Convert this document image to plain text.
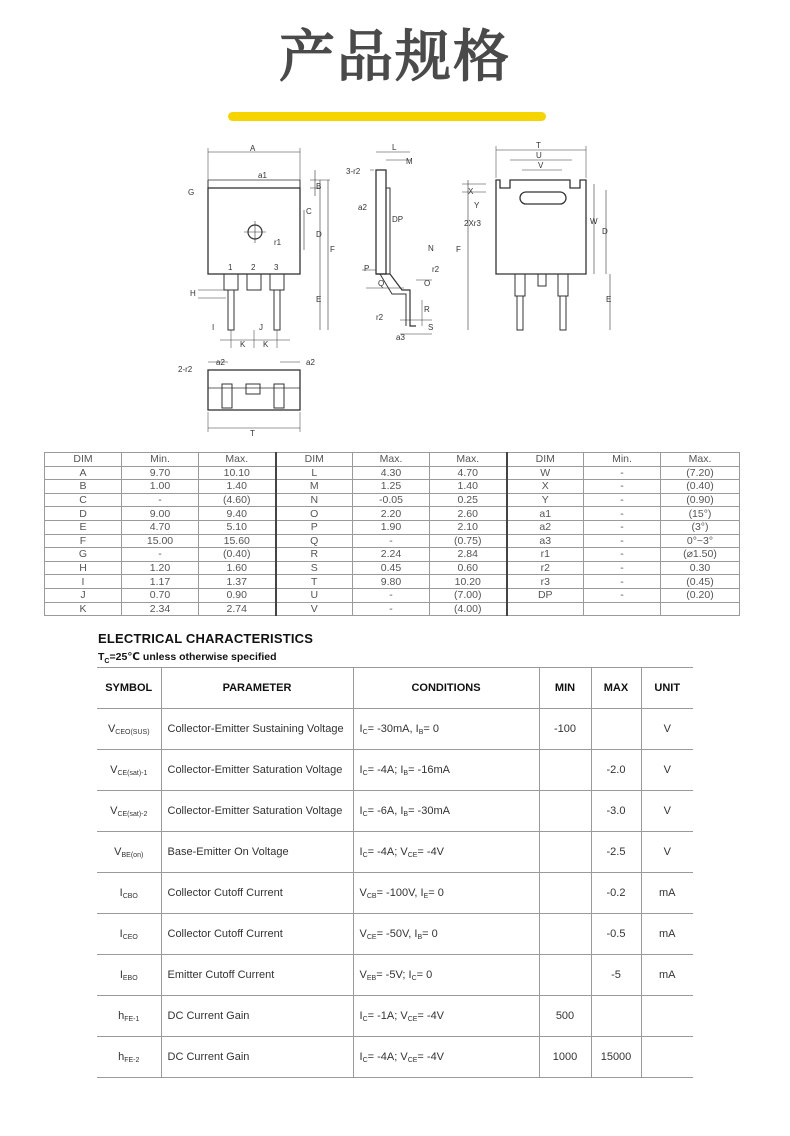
产品规格
A
a1
G
B
C
D
F
r1
E
H
I	J
K K
1 2 3
L
M
3-r2
a2
DP
N
P
Q	O
r2
r2
R
S
a3
T
U
V
X
Y
2Xr3	W
F
D
E
2-r2
a2	a2
T
DIM	Min.	Max.	DIM	Max.	Max.	DIM	Min.	Max.
A	9.70	10.10	L	4.30	4.70	W	-	(7.20)
B	1.00	1.40	M	1.25	1.40	X	-	(0.40)
C	-	(4.60)	N	-0.05	0.25	Y	-	(0.90)
D	9.00	9.40	O	2.20	2.60	a1	-	(15°)
E	4.70	5.10	P	1.90	2.10	a2	-	(3°)
F	15.00	15.60	Q	-	(0.75)	a3	-	0°~3°
G	-	(0.40)	R	2.24	2.84	r1	-	(⌀1.50)
H	1.20	1.60	S	0.45	0.60	r2	-	0.30
I	1.17	1.37	T	9.80	10.20	r3	-	(0.45)
J	0.70	0.90	U	-	(7.00)	DP	-	(0.20)
K	2.34	2.74	V	-	(4.00)			
ELECTRICAL CHARACTERISTICS
$T_C=25℃$ unless otherwise specified
SYMBOL	PARAMETER	CONDITIONS	MIN	MAX	UNIT
VCEO(SUS)	Collector-Emitter Sustaining Voltage	IC= -30mA, IB= 0	-100		V
VCE(sat)-1	Collector-Emitter Saturation Voltage	IC= -4A; IB= -16mA		-2.0	V
VCE(sat)-2	Collector-Emitter Saturation Voltage	IC= -6A, IB= -30mA		-3.0	V
VBE(on)	Base-Emitter On Voltage	IC= -4A; VCE= -4V		-2.5	V
ICBO	Collector Cutoff Current	VCB= -100V, IE= 0		-0.2	mA
ICEO	Collector Cutoff Current	VCE= -50V, IB= 0		-0.5	mA
IEBO	Emitter Cutoff Current	VEB= -5V; IC= 0		-5	mA
hFE-1	DC Current Gain	IC= -1A; VCE= -4V	500		
hFE-2	DC Current Gain	IC= -4A; VCE= -4V	1000	15000	
